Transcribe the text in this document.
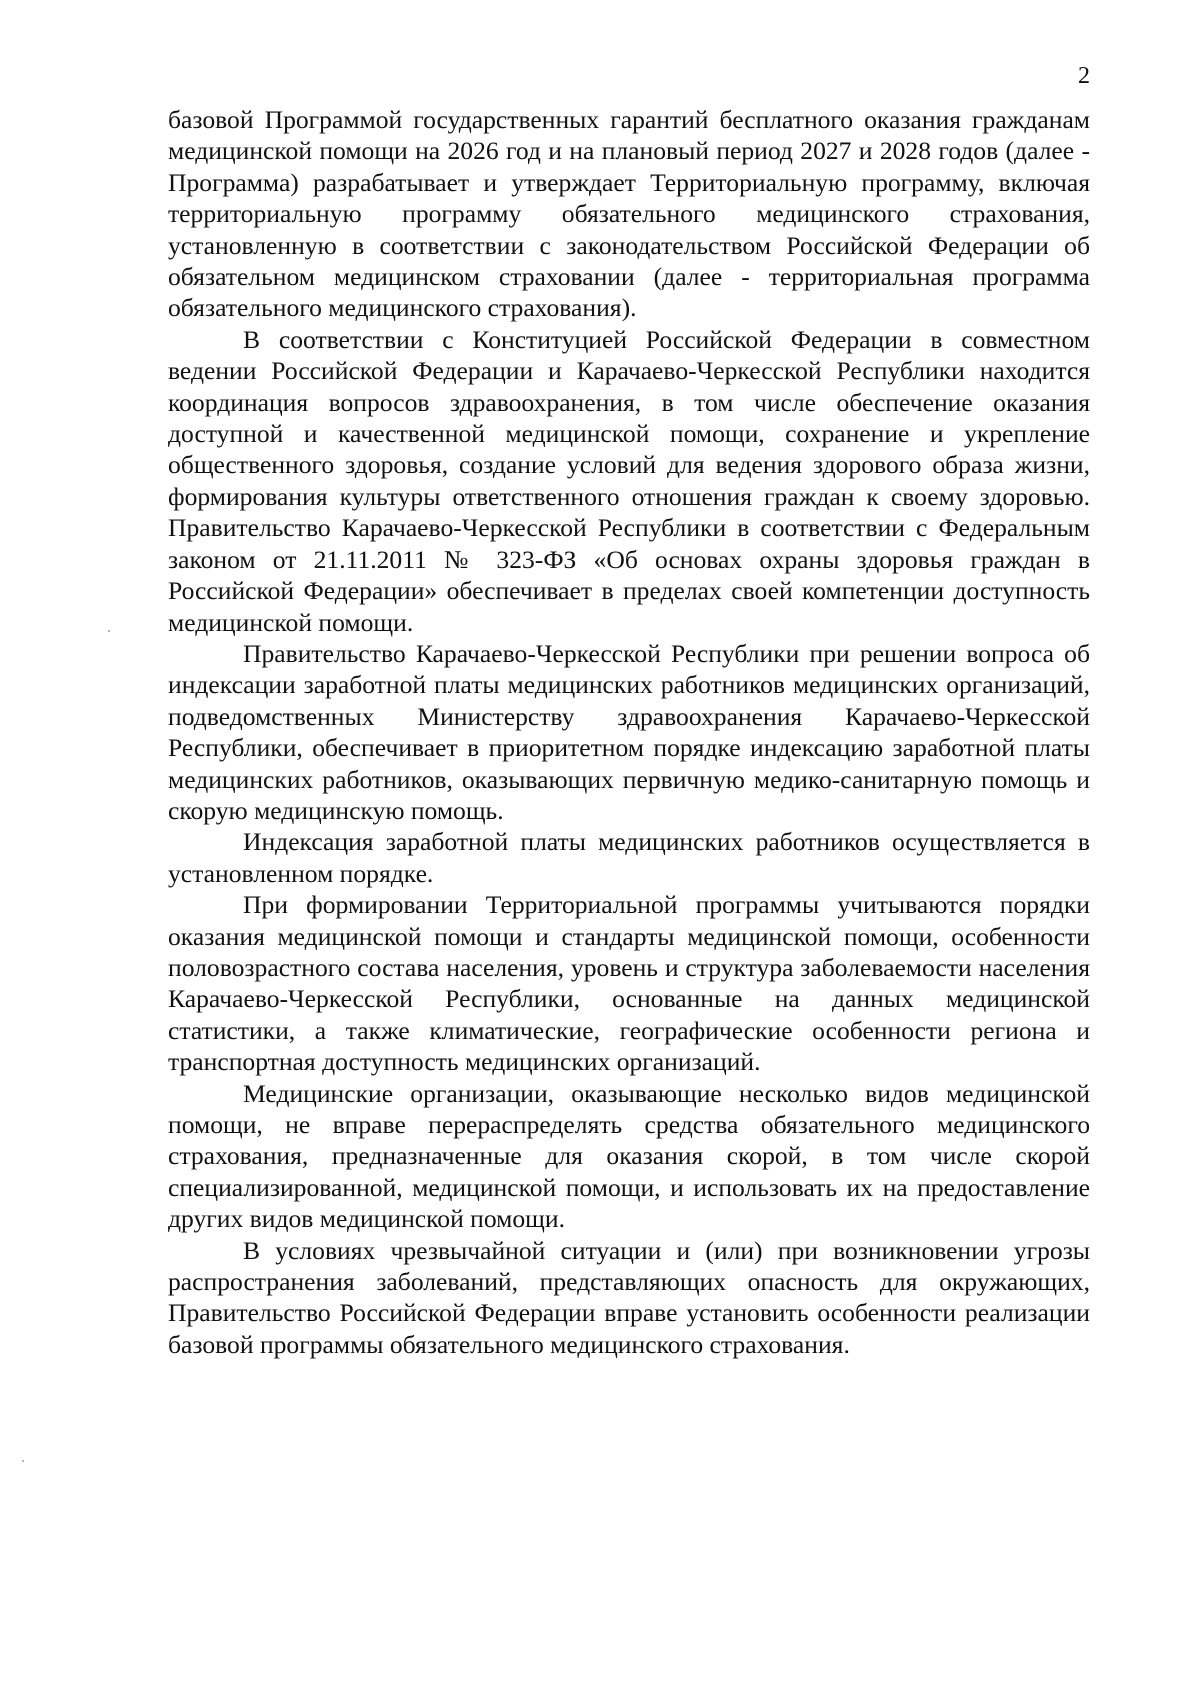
2

базовой Программой государственных гарантий бесплатного оказания гражданам медицинской помощи на 2026 год и на плановый период 2027 и 2028 годов (далее - Программа) разрабатывает и утверждает Территориальную программу, включая территориальную программу обязательного медицинского страхования, установленную в соответствии с законодательством Российской Федерации об обязательном медицинском страховании (далее - территориальная программа обязательного медицинского страхования).

В соответствии с Конституцией Российской Федерации в совместном ведении Российской Федерации и Карачаево-Черкесской Республики находится координация вопросов здравоохранения, в том числе обеспечение оказания доступной и качественной медицинской помощи, сохранение и укрепление общественного здоровья, создание условий для ведения здорового образа жизни, формирования культуры ответственного отношения граждан к своему здоровью. Правительство Карачаево-Черкесской Республики в соответствии с Федеральным законом от 21.11.2011 № 323-ФЗ «Об основах охраны здоровья граждан в Российской Федерации» обеспечивает в пределах своей компетенции доступность медицинской помощи.

Правительство Карачаево-Черкесской Республики при решении вопроса об индексации заработной платы медицинских работников медицинских организаций, подведомственных Министерству здравоохранения Карачаево-Черкесской Республики, обеспечивает в приоритетном порядке индексацию заработной платы медицинских работников, оказывающих первичную медико-санитарную помощь и скорую медицинскую помощь.

Индексация заработной платы медицинских работников осуществляется в установленном порядке.

При формировании Территориальной программы учитываются порядки оказания медицинской помощи и стандарты медицинской помощи, особенности половозрастного состава населения, уровень и структура заболеваемости населения Карачаево-Черкесской Республики, основанные на данных медицинской статистики, а также климатические, географические особенности региона и транспортная доступность медицинских организаций.

Медицинские организации, оказывающие несколько видов медицинской помощи, не вправе перераспределять средства обязательного медицинского страхования, предназначенные для оказания скорой, в том числе скорой специализированной, медицинской помощи, и использовать их на предоставление других видов медицинской помощи.

В условиях чрезвычайной ситуации и (или) при возникновении угрозы распространения заболеваний, представляющих опасность для окружающих, Правительство Российской Федерации вправе установить особенности реализации базовой программы обязательного медицинского страхования.
